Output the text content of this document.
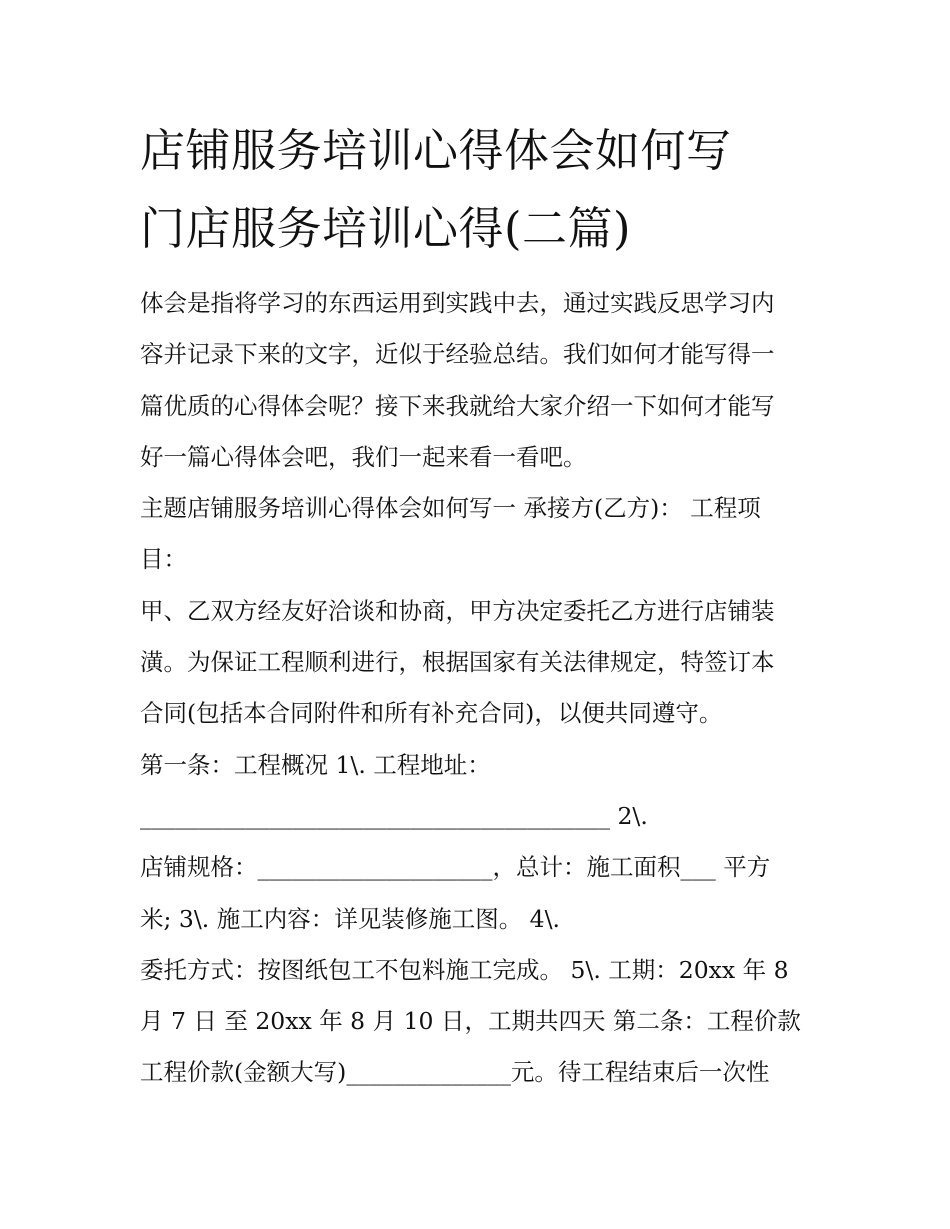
店铺服务培训心得体会如何写
门店服务培训心得(二篇)
体会是指将学习的东西运用到实践中去，通过实践反思学习内
容并记录下来的文字，近似于经验总结。我们如何才能写得一
篇优质的心得体会呢？接下来我就给大家介绍一下如何才能写
好一篇心得体会吧，我们一起来看一看吧。
主题店铺服务培训心得体会如何写一 承接方(乙方)： 工程项
目：
甲、乙双方经友好洽谈和协商，甲方决定委托乙方进行店铺装
潢。为保证工程顺利进行，根据国家有关法律规定，特签订本
合同(包括本合同附件和所有补充合同)，以便共同遵守。
第一条：工程概况 1\. 工程地址：
________________________________________ 2\.
店铺规格：____________________，总计：施工面积___ 平方
米; 3\. 施工内容：详见装修施工图。 4\.
委托方式：按图纸包工不包料施工完成。 5\. 工期：20xx 年 8
月 7 日 至 20xx 年 8 月 10 日，工期共四天 第二条：工程价款
工程价款(金额大写)______________元。待工程结束后一次性
